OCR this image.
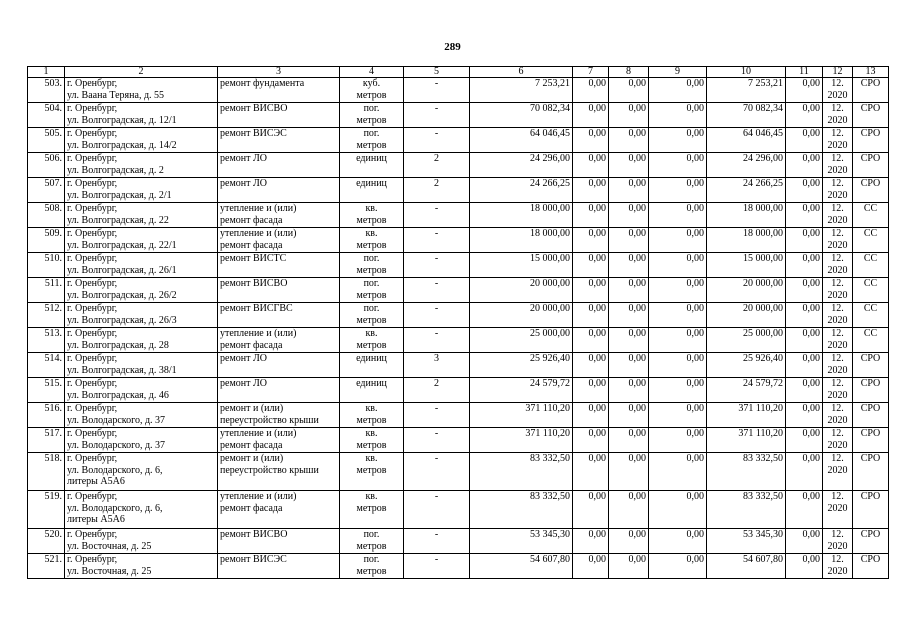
289
1	2	3	4	5	6	7	8	9	10	11	12	13
503.	г. Оренбург,
ул. Ваана Теряна, д. 55	ремонт фундамента	куб.
метров	-	7 253,21	0,00	0,00	0,00	7 253,21	0,00	12.
2020	СРО
504.	г. Оренбург,
ул. Волгоградская, д. 12/1	ремонт ВИСВО	пог.
метров	-	70 082,34	0,00	0,00	0,00	70 082,34	0,00	12.
2020	СРО
505.	г. Оренбург,
ул. Волгоградская, д. 14/2	ремонт ВИСЭС	пог.
метров	-	64 046,45	0,00	0,00	0,00	64 046,45	0,00	12.
2020	СРО
506.	г. Оренбург,
ул. Волгоградская, д. 2	ремонт ЛО	единиц	2	24 296,00	0,00	0,00	0,00	24 296,00	0,00	12.
2020	СРО
507.	г. Оренбург,
ул. Волгоградская, д. 2/1	ремонт ЛО	единиц	2	24 266,25	0,00	0,00	0,00	24 266,25	0,00	12.
2020	СРО
508.	г. Оренбург,
ул. Волгоградская, д. 22	утепление и (или)
ремонт фасада	кв.
метров	-	18 000,00	0,00	0,00	0,00	18 000,00	0,00	12.
2020	СС
509.	г. Оренбург,
ул. Волгоградская, д. 22/1	утепление и (или)
ремонт фасада	кв.
метров	-	18 000,00	0,00	0,00	0,00	18 000,00	0,00	12.
2020	СС
510.	г. Оренбург,
ул. Волгоградская, д. 26/1	ремонт ВИСТС	пог.
метров	-	15 000,00	0,00	0,00	0,00	15 000,00	0,00	12.
2020	СС
511.	г. Оренбург,
ул. Волгоградская, д. 26/2	ремонт ВИСВО	пог.
метров	-	20 000,00	0,00	0,00	0,00	20 000,00	0,00	12.
2020	СС
512.	г. Оренбург,
ул. Волгоградская, д. 26/3	ремонт ВИСГВС	пог.
метров	-	20 000,00	0,00	0,00	0,00	20 000,00	0,00	12.
2020	СС
513.	г. Оренбург,
ул. Волгоградская, д. 28	утепление и (или)
ремонт фасада	кв.
метров	-	25 000,00	0,00	0,00	0,00	25 000,00	0,00	12.
2020	СС
514.	г. Оренбург,
ул. Волгоградская, д. 38/1	ремонт ЛО	единиц	3	25 926,40	0,00	0,00	0,00	25 926,40	0,00	12.
2020	СРО
515.	г. Оренбург,
ул. Волгоградская, д. 46	ремонт ЛО	единиц	2	24 579,72	0,00	0,00	0,00	24 579,72	0,00	12.
2020	СРО
516.	г. Оренбург,
ул. Володарского, д. 37	ремонт и (или)
переустройство крыши	кв.
метров	-	371 110,20	0,00	0,00	0,00	371 110,20	0,00	12.
2020	СРО
517.	г. Оренбург,
ул. Володарского, д. 37	утепление и (или)
ремонт фасада	кв.
метров	-	371 110,20	0,00	0,00	0,00	371 110,20	0,00	12.
2020	СРО
518.	г. Оренбург,
ул. Володарского, д. 6,
литеры А5А6	ремонт и (или)
переустройство крыши	кв.
метров	-	83 332,50	0,00	0,00	0,00	83 332,50	0,00	12.
2020	СРО
519.	г. Оренбург,
ул. Володарского, д. 6,
литеры А5А6	утепление и (или)
ремонт фасада	кв.
метров	-	83 332,50	0,00	0,00	0,00	83 332,50	0,00	12.
2020	СРО
520.	г. Оренбург,
ул. Восточная, д. 25	ремонт ВИСВО	пог.
метров	-	53 345,30	0,00	0,00	0,00	53 345,30	0,00	12.
2020	СРО
521.	г. Оренбург,
ул. Восточная, д. 25	ремонт ВИСЭС	пог.
метров	-	54 607,80	0,00	0,00	0,00	54 607,80	0,00	12.
2020	СРО
